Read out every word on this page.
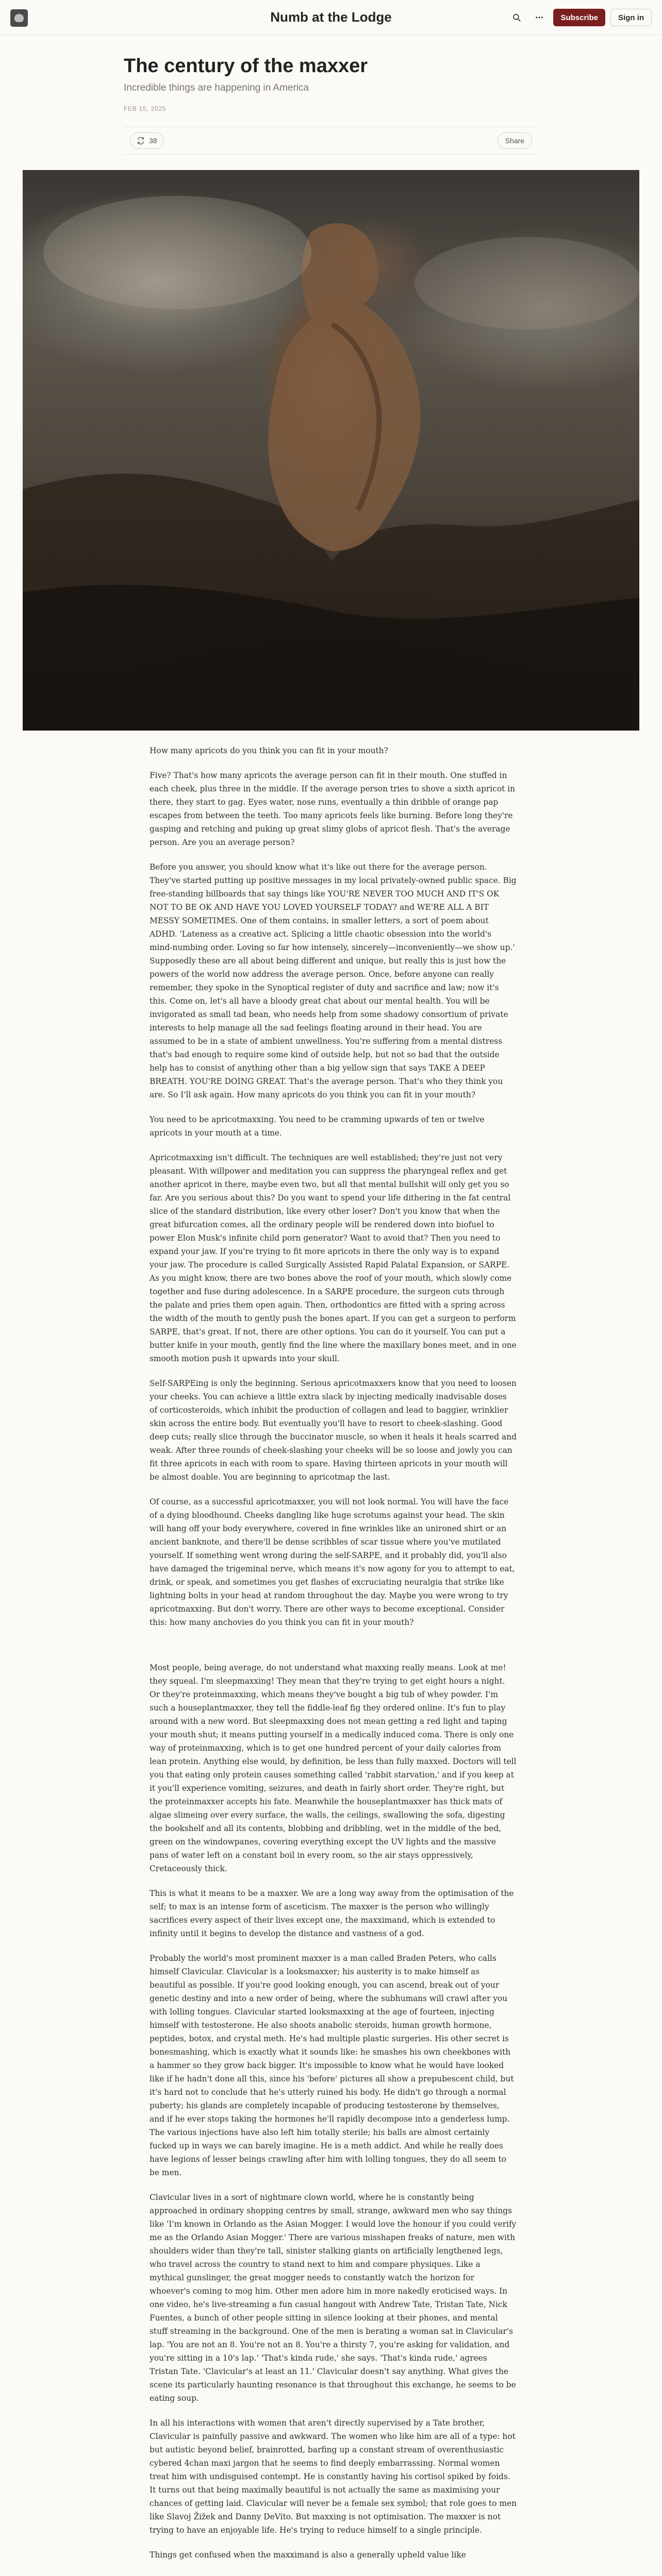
Numb at the Lodge	Subscribe	Sign in
The century of the maxxer
Incredible things are happening in America
FEB 15, 2025
38	Share

How many apricots do you think you can fit in your mouth?

Five? That's how many apricots the average person can fit in their mouth. One stuffed in each cheek, plus three in the middle. If the average person tries to shove a sixth apricot in there, they start to gag. Eyes water, nose runs, eventually a thin dribble of orange pap escapes from between the teeth. Too many apricots feels like burning. Before long they're gasping and retching and puking up great slimy globs of apricot flesh. That's the average person. Are you an average person?

Before you answer, you should know what it's like out there for the average person. They've started putting up positive messages in my local privately-owned public space. Big free-standing billboards that say things like YOU'RE NEVER TOO MUCH AND IT'S OK NOT TO BE OK AND HAVE YOU LOVED YOURSELF TODAY? and WE'RE ALL A BIT MESSY SOMETIMES. One of them contains, in smaller letters, a sort of poem about ADHD. 'Lateness as a creative act. Splicing a little chaotic obsession into the world's mind-numbing order. Loving so far how intensely, sincerely—inconveniently—we show up.' Supposedly these are all about being different and unique, but really this is just how the powers of the world now address the average person. Once, before anyone can really remember, they spoke in the Synoptical register of duty and sacrifice and law; now it's this. Come on, let's all have a bloody great chat about our mental health. You will be invigorated as small tad bean, who needs help from some shadowy consortium of private interests to help manage all the sad feelings floating around in their head. You are assumed to be in a state of ambient unwellness. You're suffering from a mental distress that's bad enough to require some kind of outside help, but not so bad that the outside help has to consist of anything other than a big yellow sign that says TAKE A DEEP BREATH. YOU'RE DOING GREAT. That's the average person. That's who they think you are. So I'll ask again. How many apricots do you think you can fit in your mouth?

You need to be apricotmaxxing. You need to be cramming upwards of ten or twelve apricots in your mouth at a time.

Apricotmaxxing isn't difficult. The techniques are well established; they're just not very pleasant. With willpower and meditation you can suppress the pharyngeal reflex and get another apricot in there, maybe even two, but all that mental bullshit will only get you so far. Are you serious about this? Do you want to spend your life dithering in the fat central slice of the standard distribution, like every other loser? Don't you know that when the great bifurcation comes, all the ordinary people will be rendered down into biofuel to power Elon Musk's infinite child porn generator? Want to avoid that? Then you need to expand your jaw. If you're trying to fit more apricots in there the only way is to expand your jaw. The procedure is called Surgically Assisted Rapid Palatal Expansion, or SARPE. As you might know, there are two bones above the roof of your mouth, which slowly come together and fuse during adolescence. In a SARPE procedure, the surgeon cuts through the palate and pries them open again. Then, orthodontics are fitted with a spring across the width of the mouth to gently push the bones apart. If you can get a surgeon to perform SARPE, that's great. If not, there are other options. You can do it yourself. You can put a butter knife in your mouth, gently find the line where the maxillary bones meet, and in one smooth motion push it upwards into your skull.

Self-SARPEing is only the beginning. Serious apricotmaxxers know that you need to loosen your cheeks. You can achieve a little extra slack by injecting medically inadvisable doses of corticosteroids, which inhibit the production of collagen and lead to baggier, wrinklier skin across the entire body. But eventually you'll have to resort to cheek-slashing. Good deep cuts; really slice through the buccinator muscle, so when it heals it heals scarred and weak. After three rounds of cheek-slashing your cheeks will be so loose and jowly you can fit three apricots in each with room to spare. Having thirteen apricots in your mouth will be almost doable. You are beginning to apricotmap the last.

Of course, as a successful apricotmaxxer, you will not look normal. You will have the face of a dying bloodhound. Cheeks dangling like huge scrotums against your head. The skin will hang off your body everywhere, covered in fine wrinkles like an unironed shirt or an ancient banknote, and there'll be dense scribbles of scar tissue where you've mutilated yourself. If something went wrong during the self-SARPE, and it probably did, you'll also have damaged the trigeminal nerve, which means it's now agony for you to attempt to eat, drink, or speak, and sometimes you get flashes of excruciating neuralgia that strike like lightning bolts in your head at random throughout the day. Maybe you were wrong to try apricotmaxxing. But don't worry. There are other ways to become exceptional. Consider this: how many anchovies do you think you can fit in your mouth?

Most people, being average, do not understand what maxxing really means. Look at me! they squeal. I'm sleepmaxxing! They mean that they're trying to get eight hours a night. Or they're proteinmaxxing, which means they've bought a big tub of whey powder. I'm such a houseplantmaxxer, they tell the fiddle-leaf fig they ordered online. It's fun to play around with a new word. But sleepmaxxing does not mean getting a red light and taping your mouth shut; it means putting yourself in a medically induced coma. There is only one way of proteinmaxxing, which is to get one hundred percent of your daily calories from lean protein. Anything else would, by definition, be less than fully maxxed. Doctors will tell you that eating only protein causes something called 'rabbit starvation,' and if you keep at it you'll experience vomiting, seizures, and death in fairly short order. They're right, but the proteinmaxxer accepts his fate. Meanwhile the houseplantmaxxer has thick mats of algae slimeing over every surface, the walls, the ceilings, swallowing the sofa, digesting the bookshelf and all its contents, blobbing and dribbling, wet in the middle of the bed, green on the windowpanes, covering everything except the UV lights and the massive pans of water left on a constant boil in every room, so the air stays oppressively, Cretaceously thick.

This is what it means to be a maxxer. We are a long way away from the optimisation of the self; to max is an intense form of asceticism. The maxxer is the person who willingly sacrifices every aspect of their lives except one, the maxximand, which is extended to infinity until it begins to develop the distance and vastness of a god.

Probably the world's most prominent maxxer is a man called Braden Peters, who calls himself Clavicular. Clavicular is a looksmaxxer; his austerity is to make himself as beautiful as possible. If you're good looking enough, you can ascend, break out of your genetic destiny and into a new order of being, where the subhumans will crawl after you with lolling tongues. Clavicular started looksmaxxing at the age of fourteen, injecting himself with testosterone. He also shoots anabolic steroids, human growth hormone, peptides, botox, and crystal meth. He's had multiple plastic surgeries. His other secret is bonesmashing, which is exactly what it sounds like: he smashes his own cheekbones with a hammer so they grow back bigger. It's impossible to know what he would have looked like if he hadn't done all this, since his 'before' pictures all show a prepubescent child, but it's hard not to conclude that he's utterly ruined his body. He didn't go through a normal puberty; his glands are completely incapable of producing testosterone by themselves, and if he ever stops taking the hormones he'll rapidly decompose into a genderless lump. The various injections have also left him totally sterile; his balls are almost certainly fucked up in ways we can barely imagine. He is a meth addict. And while he really does have legions of lesser beings crawling after him with lolling tongues, they do all seem to be men.

Clavicular lives in a sort of nightmare clown world, where he is constantly being approached in ordinary shopping centres by small, strange, awkward men who say things like 'I'm known in Orlando as the Asian Mogger. I would love the honour if you could verify me as the Orlando Asian Mogger.' There are various misshapen freaks of nature, men with shoulders wider than they're tall, sinister stalking giants on artificially lengthened legs, who travel across the country to stand next to him and compare physiques. Like a mythical gunslinger, the great mogger needs to constantly watch the horizon for whoever's coming to mog him. Other men adore him in more nakedly eroticised ways. In one video, he's live-streaming a fun casual hangout with Andrew Tate, Tristan Tate, Nick Fuentes, a bunch of other people sitting in silence looking at their phones, and mental stuff streaming in the background. One of the men is berating a woman sat in Clavicular's lap. 'You are not an 8. You're not an 8. You're a thirsty 7, you're asking for validation, and you're sitting in a 10's lap.' 'That's kinda rude,' she says. 'That's kinda rude,' agrees Tristan Tate. 'Clavicular's at least an 11.' Clavicular doesn't say anything. What gives the scene its particularly haunting resonance is that throughout this exchange, he seems to be eating soup.

In all his interactions with women that aren't directly supervised by a Tate brother, Clavicular is painfully passive and awkward. The women who like him are all of a type: hot but autistic beyond belief, brainrotted, barfing up a constant stream of overenthusiastic cybered 4chan maxi jargon that he seems to find deeply embarrassing. Normal women treat him with undisguised contempt. He is constantly having his cortisol spiked by foids. It turns out that being maximally beautiful is not actually the same as maximising your chances of getting laid. Clavicular will never be a female sex symbol; that role goes to men like Slavoj Žižek and Danny DeVito. But maxxing is not optimisation. The maxxer is not trying to have an enjoyable life. He's trying to reduce himself to a single principle.

Things get confused when the maxximand is also a generally upheld value like
